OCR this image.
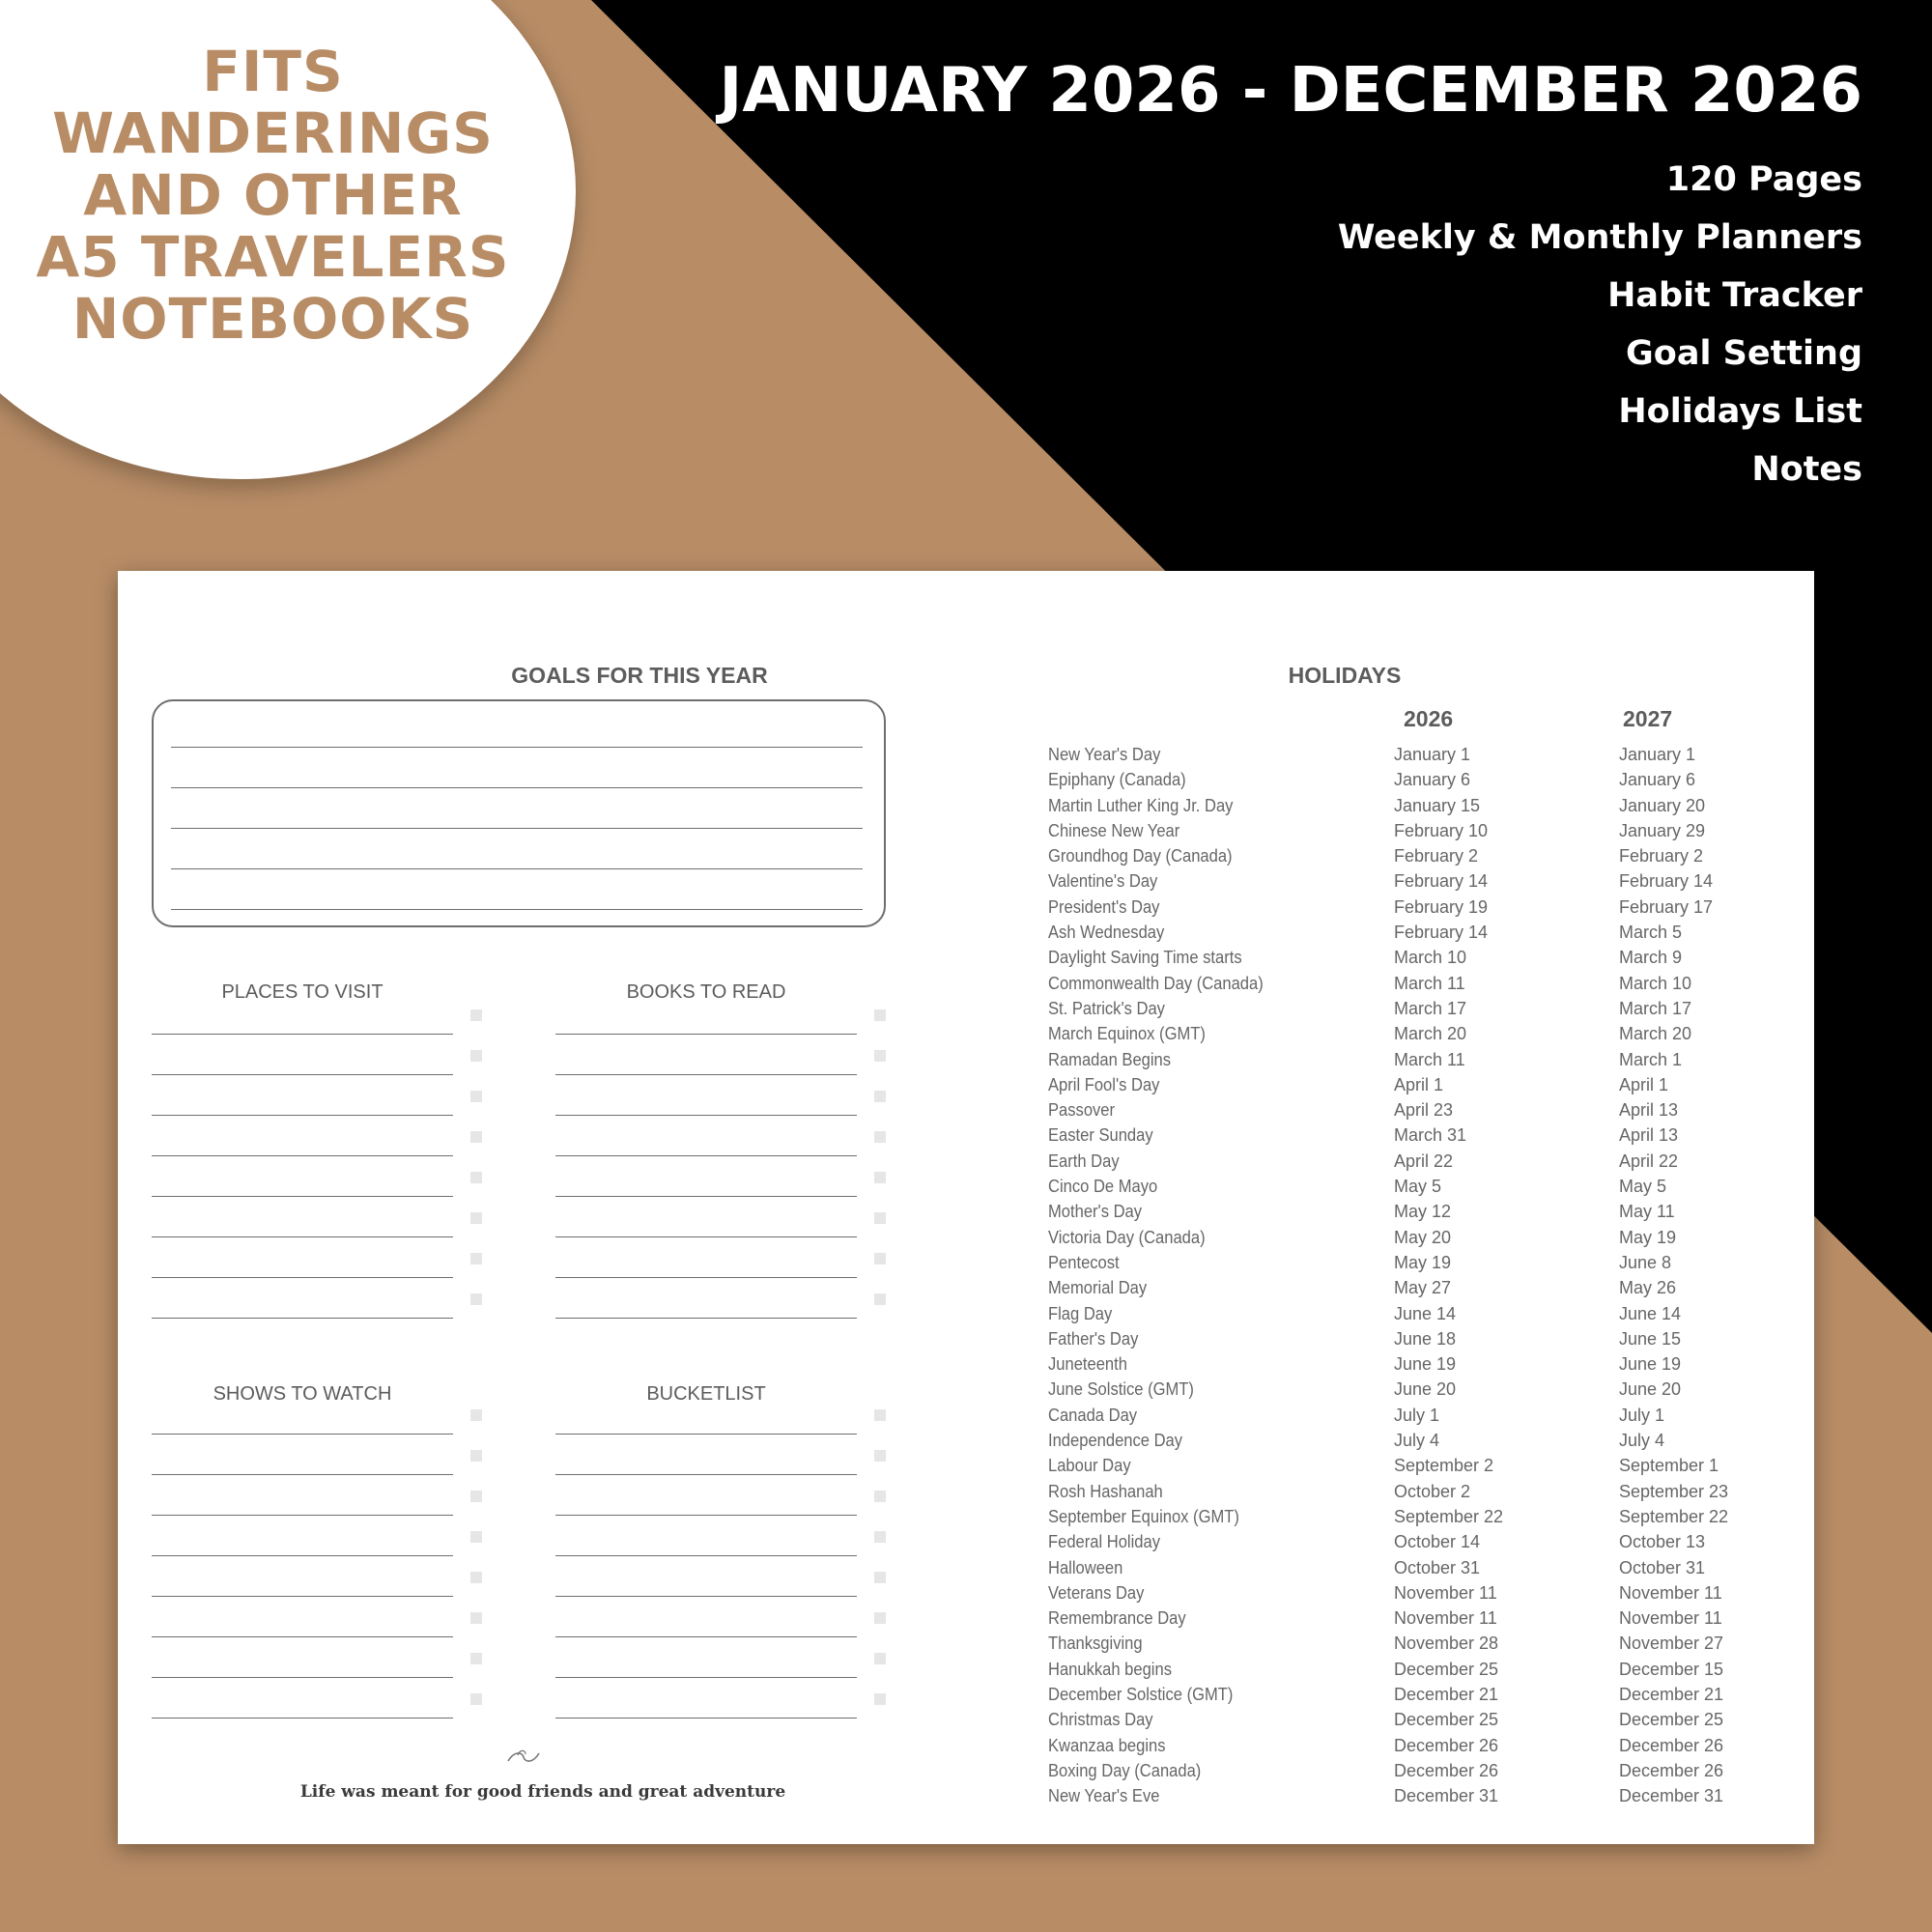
FITS
WANDERINGS
AND OTHER
A5 TRAVELERS
NOTEBOOKS
JANUARY 2026 - DECEMBER 2026
120 Pages
Weekly & Monthly Planners
Habit Tracker
Goal Setting
Holidays List
Notes
GOALS FOR THIS YEAR
PLACES TO VISIT	BOOKS TO READ
SHOWS TO WATCH	BUCKETLIST
Life was meant for good friends and great adventure
HOLIDAYS
2026	2027
New Year's Day	January 1	January 1
Epiphany (Canada)	January 6	January 6
Martin Luther King Jr. Day	January 15	January 20
Chinese New Year	February 10	January 29
Groundhog Day (Canada)	February 2	February 2
Valentine's Day	February 14	February 14
President's Day	February 19	February 17
Ash Wednesday	February 14	March 5
Daylight Saving Time starts	March 10	March 9
Commonwealth Day (Canada)	March 11	March 10
St. Patrick's Day	March 17	March 17
March Equinox (GMT)	March 20	March 20
Ramadan Begins	March 11	March 1
April Fool's Day	April 1	April 1
Passover	April 23	April 13
Easter Sunday	March 31	April 13
Earth Day	April 22	April 22
Cinco De Mayo	May 5	May 5
Mother's Day	May 12	May 11
Victoria Day (Canada)	May 20	May 19
Pentecost	May 19	June 8
Memorial Day	May 27	May 26
Flag Day	June 14	June 14
Father's Day	June 18	June 15
Juneteenth	June 19	June 19
June Solstice (GMT)	June 20	June 20
Canada Day	July 1	July 1
Independence Day	July 4	July 4
Labour Day	September 2	September 1
Rosh Hashanah	October 2	September 23
September Equinox (GMT)	September 22	September 22
Federal Holiday	October 14	October 13
Halloween	October 31	October 31
Veterans Day	November 11	November 11
Remembrance Day	November 11	November 11
Thanksgiving	November 28	November 27
Hanukkah begins	December 25	December 15
December Solstice (GMT)	December 21	December 21
Christmas Day	December 25	December 25
Kwanzaa begins	December 26	December 26
Boxing Day (Canada)	December 26	December 26
New Year's Eve	December 31	December 31
